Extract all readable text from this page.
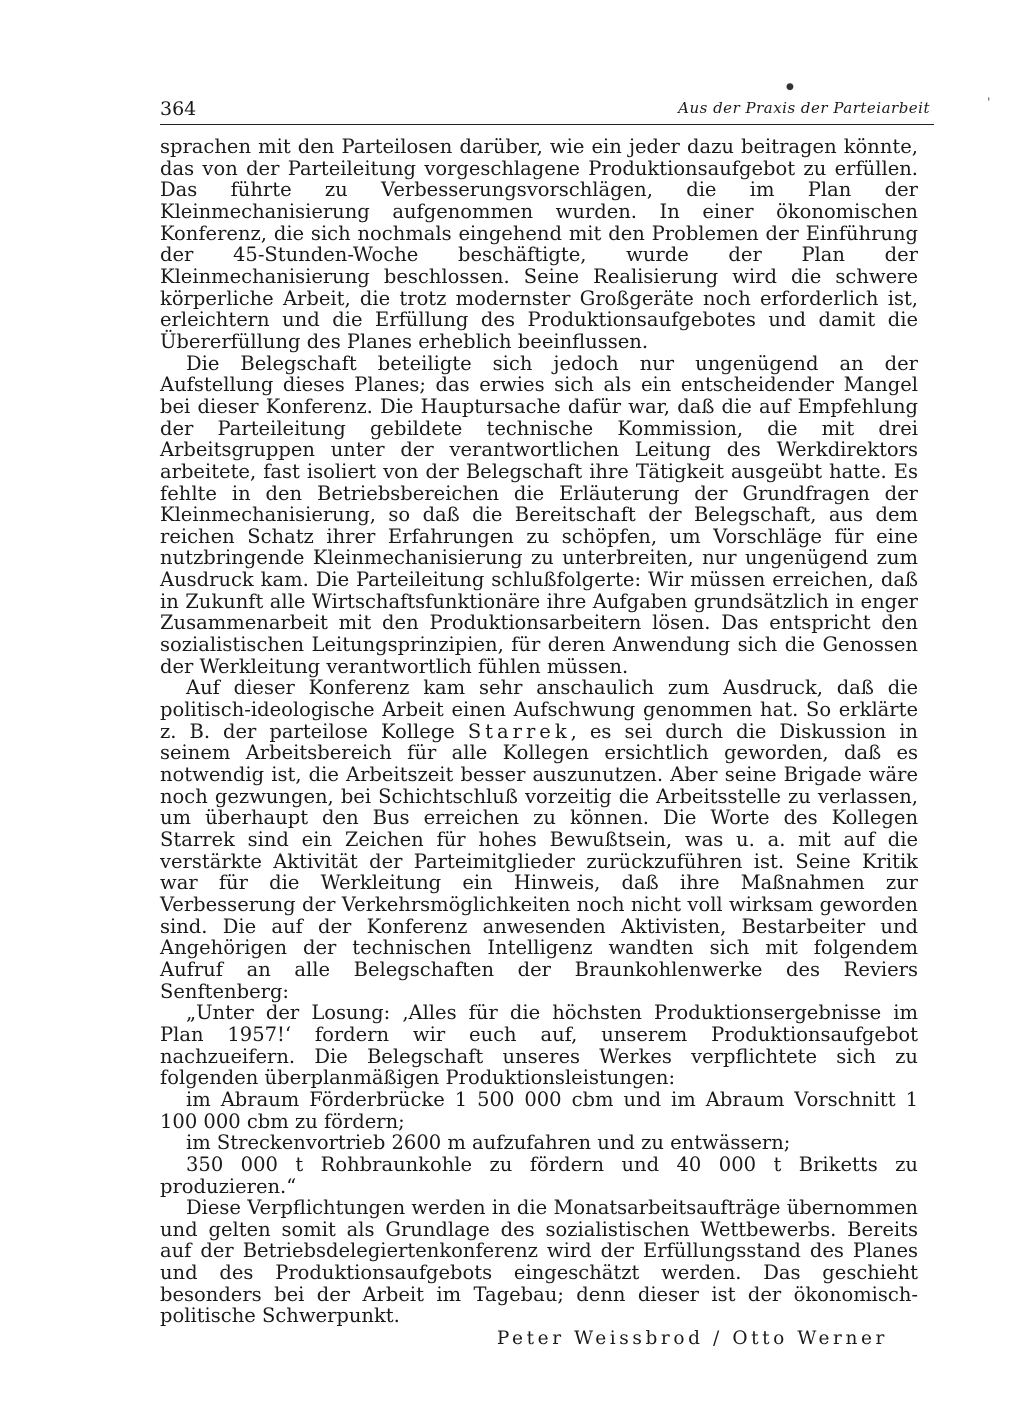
364	Aus der Praxis der Parteiarbeit
●
ˋ

sprachen mit den Parteilosen darüber, wie ein jeder dazu beitragen könnte, das von der Parteileitung vorgeschlagene Produktionsaufgebot zu erfüllen. Das führte zu Verbesserungsvorschlägen, die im Plan der Kleinmechanisierung aufgenommen wurden. In einer ökonomischen Konferenz, die sich nochmals eingehend mit den Problemen der Einführung der 45-Stunden-Woche beschäftigte, wurde der Plan der Kleinmechanisierung beschlossen. Seine Realisierung wird die schwere körperliche Arbeit, die trotz modernster Großgeräte noch erforderlich ist, erleichtern und die Erfüllung des Produktionsaufgebotes und damit die Übererfüllung des Planes erheblich beeinflussen.

Die Belegschaft beteiligte sich jedoch nur ungenügend an der Aufstellung dieses Planes; das erwies sich als ein entscheidender Mangel bei dieser Konferenz. Die Hauptursache dafür war, daß die auf Empfehlung der Parteileitung gebildete technische Kommission, die mit drei Arbeitsgruppen unter der verantwortlichen Leitung des Werkdirektors arbeitete, fast isoliert von der Belegschaft ihre Tätigkeit ausgeübt hatte. Es fehlte in den Betriebsbereichen die Erläuterung der Grundfragen der Kleinmechanisierung, so daß die Bereitschaft der Belegschaft, aus dem reichen Schatz ihrer Erfahrungen zu schöpfen, um Vorschläge für eine nutzbringende Kleinmechanisierung zu unterbreiten, nur ungenügend zum Ausdruck kam. Die Parteileitung schlußfolgerte: Wir müssen erreichen, daß in Zukunft alle Wirtschaftsfunktionäre ihre Aufgaben grundsätzlich in enger Zusammenarbeit mit den Produktionsarbeitern lösen. Das entspricht den sozialistischen Leitungsprinzipien, für deren Anwendung sich die Genossen der Werkleitung verantwortlich fühlen müssen.

Auf dieser Konferenz kam sehr anschaulich zum Ausdruck, daß die politisch-ideologische Arbeit einen Aufschwung genommen hat. So erklärte z. B. der parteilose Kollege Starrek, es sei durch die Diskussion in seinem Arbeitsbereich für alle Kollegen ersichtlich geworden, daß es notwendig ist, die Arbeitszeit besser auszunutzen. Aber seine Brigade wäre noch gezwungen, bei Schichtschluß vorzeitig die Arbeitsstelle zu verlassen, um überhaupt den Bus erreichen zu können. Die Worte des Kollegen Starrek sind ein Zeichen für hohes Bewußtsein, was u. a. mit auf die verstärkte Aktivität der Parteimitglieder zurückzuführen ist. Seine Kritik war für die Werkleitung ein Hinweis, daß ihre Maßnahmen zur Verbesserung der Verkehrsmöglichkeiten noch nicht voll wirksam geworden sind. Die auf der Konferenz anwesenden Aktivisten, Bestarbeiter und Angehörigen der technischen Intelligenz wandten sich mit folgendem Aufruf an alle Belegschaften der Braunkohlenwerke des Reviers Senftenberg:

„Unter der Losung: ‚Alles für die höchsten Produktionsergebnisse im Plan 1957!‘ fordern wir euch auf, unserem Produktionsaufgebot nachzueifern. Die Belegschaft unseres Werkes verpflichtete sich zu folgenden überplanmäßigen Produktionsleistungen:

im Abraum Förderbrücke 1 500 000 cbm und im Abraum Vorschnitt 1 100 000 cbm zu fördern;

im Streckenvortrieb 2600 m aufzufahren und zu entwässern;

350 000 t Rohbraunkohle zu fördern und 40 000 t Briketts zu produzieren.“

Diese Verpflichtungen werden in die Monatsarbeitsaufträge übernommen und gelten somit als Grundlage des sozialistischen Wettbewerbs. Bereits auf der Betriebsdelegiertenkonferenz wird der Erfüllungsstand des Planes und des Produktionsaufgebots eingeschätzt werden. Das geschieht besonders bei der Arbeit im Tagebau; denn dieser ist der ökonomisch-politische Schwerpunkt.

Peter Weissbrod / Otto Werner
